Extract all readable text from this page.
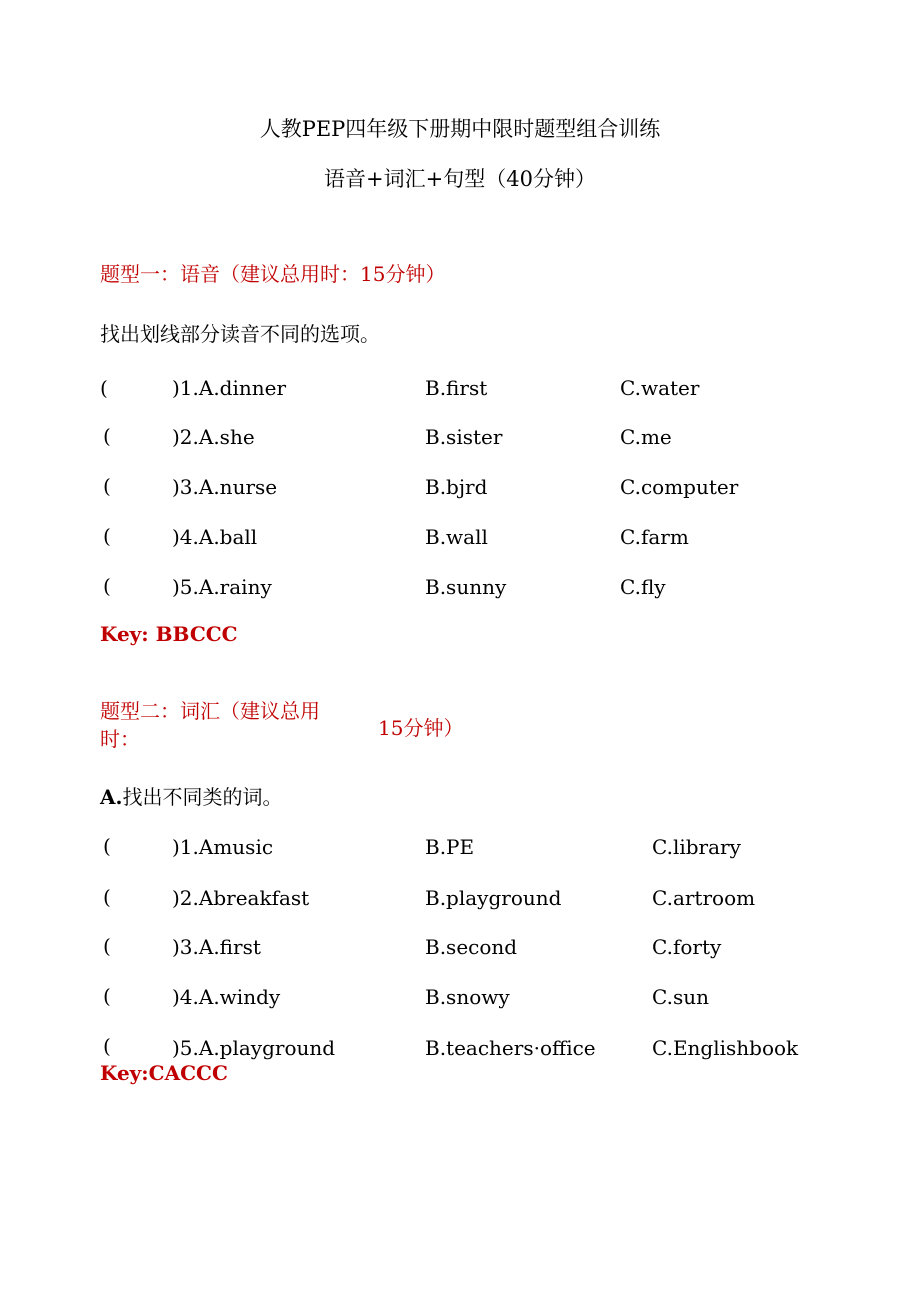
人教PEP四年级下册期中限时题型组合训练
语音+词汇+句型（40分钟）
题型一：语音（建议总用时：15分钟）
找出划线部分读音不同的选项。
(	)1.A.dinner	B.first	C.water
(	)2.A.she	B.sister	C.me
(	)3.A.nurse	B.bjrd	C.computer
(	)4.A.ball	B.wall	C.farm
(	)5.A.rainy	B.sunny	C.fly
Key: BBCCC
题型二：词汇（建议总用时：	15分钟）
A.找出不同类的词。
(	)1.Amusic	B.PE	C.library
(	)2.Abreakfast	B.playground	C.artroom
(	)3.A.first	B.second	C.forty
(	)4.A.windy	B.snowy	C.sun
(	)5.A.playground	B.teachers·office	C.Englishbook
Key:CACCC
